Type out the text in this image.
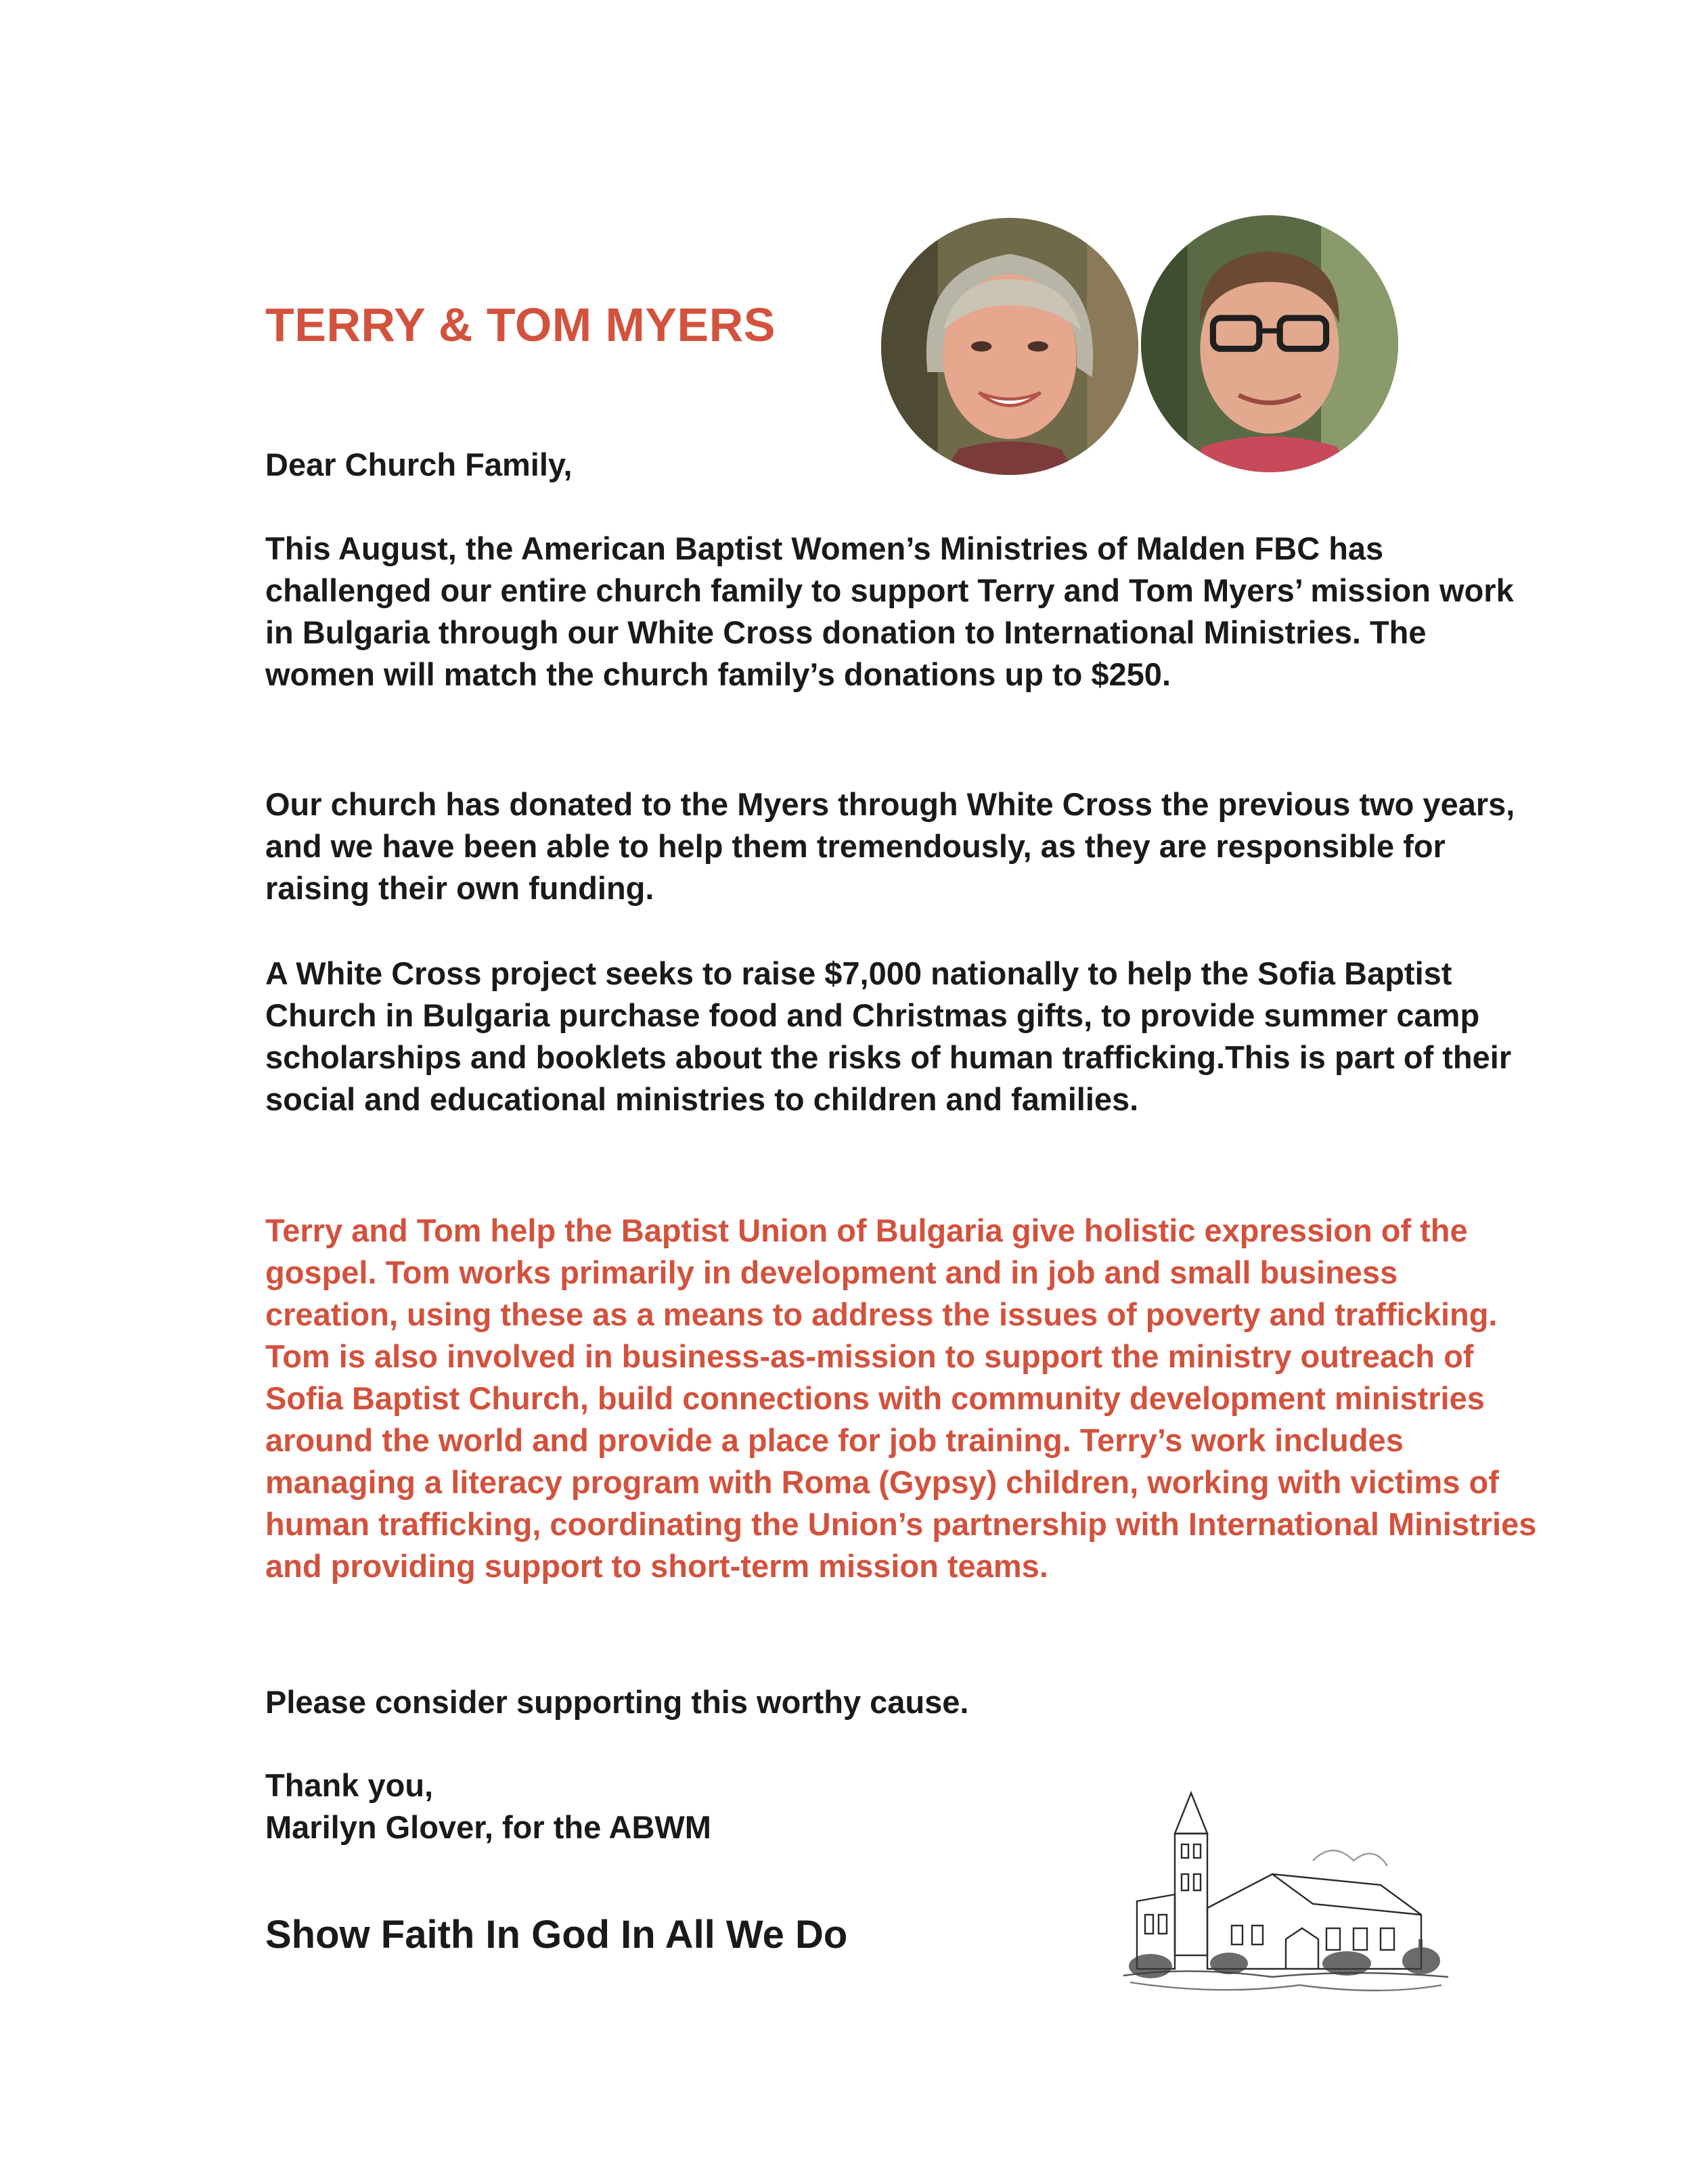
TERRY & TOM MYERS

Dear Church Family,

This August, the American Baptist Women’s Ministries of Malden FBC has challenged our entire church family to support Terry and Tom Myers’ mission work in Bulgaria through our White Cross donation to International Ministries. The women will match the church family’s donations up to $250.

Our church has donated to the Myers through White Cross the previous two years, and we have been able to help them tremendously, as they are responsible for raising their own funding.

A White Cross project seeks to raise $7,000 nationally to help the Sofia Baptist Church in Bulgaria purchase food and Christmas gifts, to provide summer camp scholarships and booklets about the risks of human trafficking.This is part of their social and educational ministries to children and families.

Terry and Tom help the Baptist Union of Bulgaria give holistic expression of the gospel. Tom works primarily in development and in job and small business creation, using these as a means to address the issues of poverty and trafficking. Tom is also involved in business-as-mission to support the ministry outreach of Sofia Baptist Church, build connections with community development ministries around the world and provide a place for job training. Terry’s work includes managing a literacy program with Roma (Gypsy) children, working with victims of human trafficking, coordinating the Union’s partnership with International Ministries and providing support to short-term mission teams.

Please consider supporting this worthy cause.

Thank you,
Marilyn Glover, for the ABWM

Show Faith In God In All We Do
